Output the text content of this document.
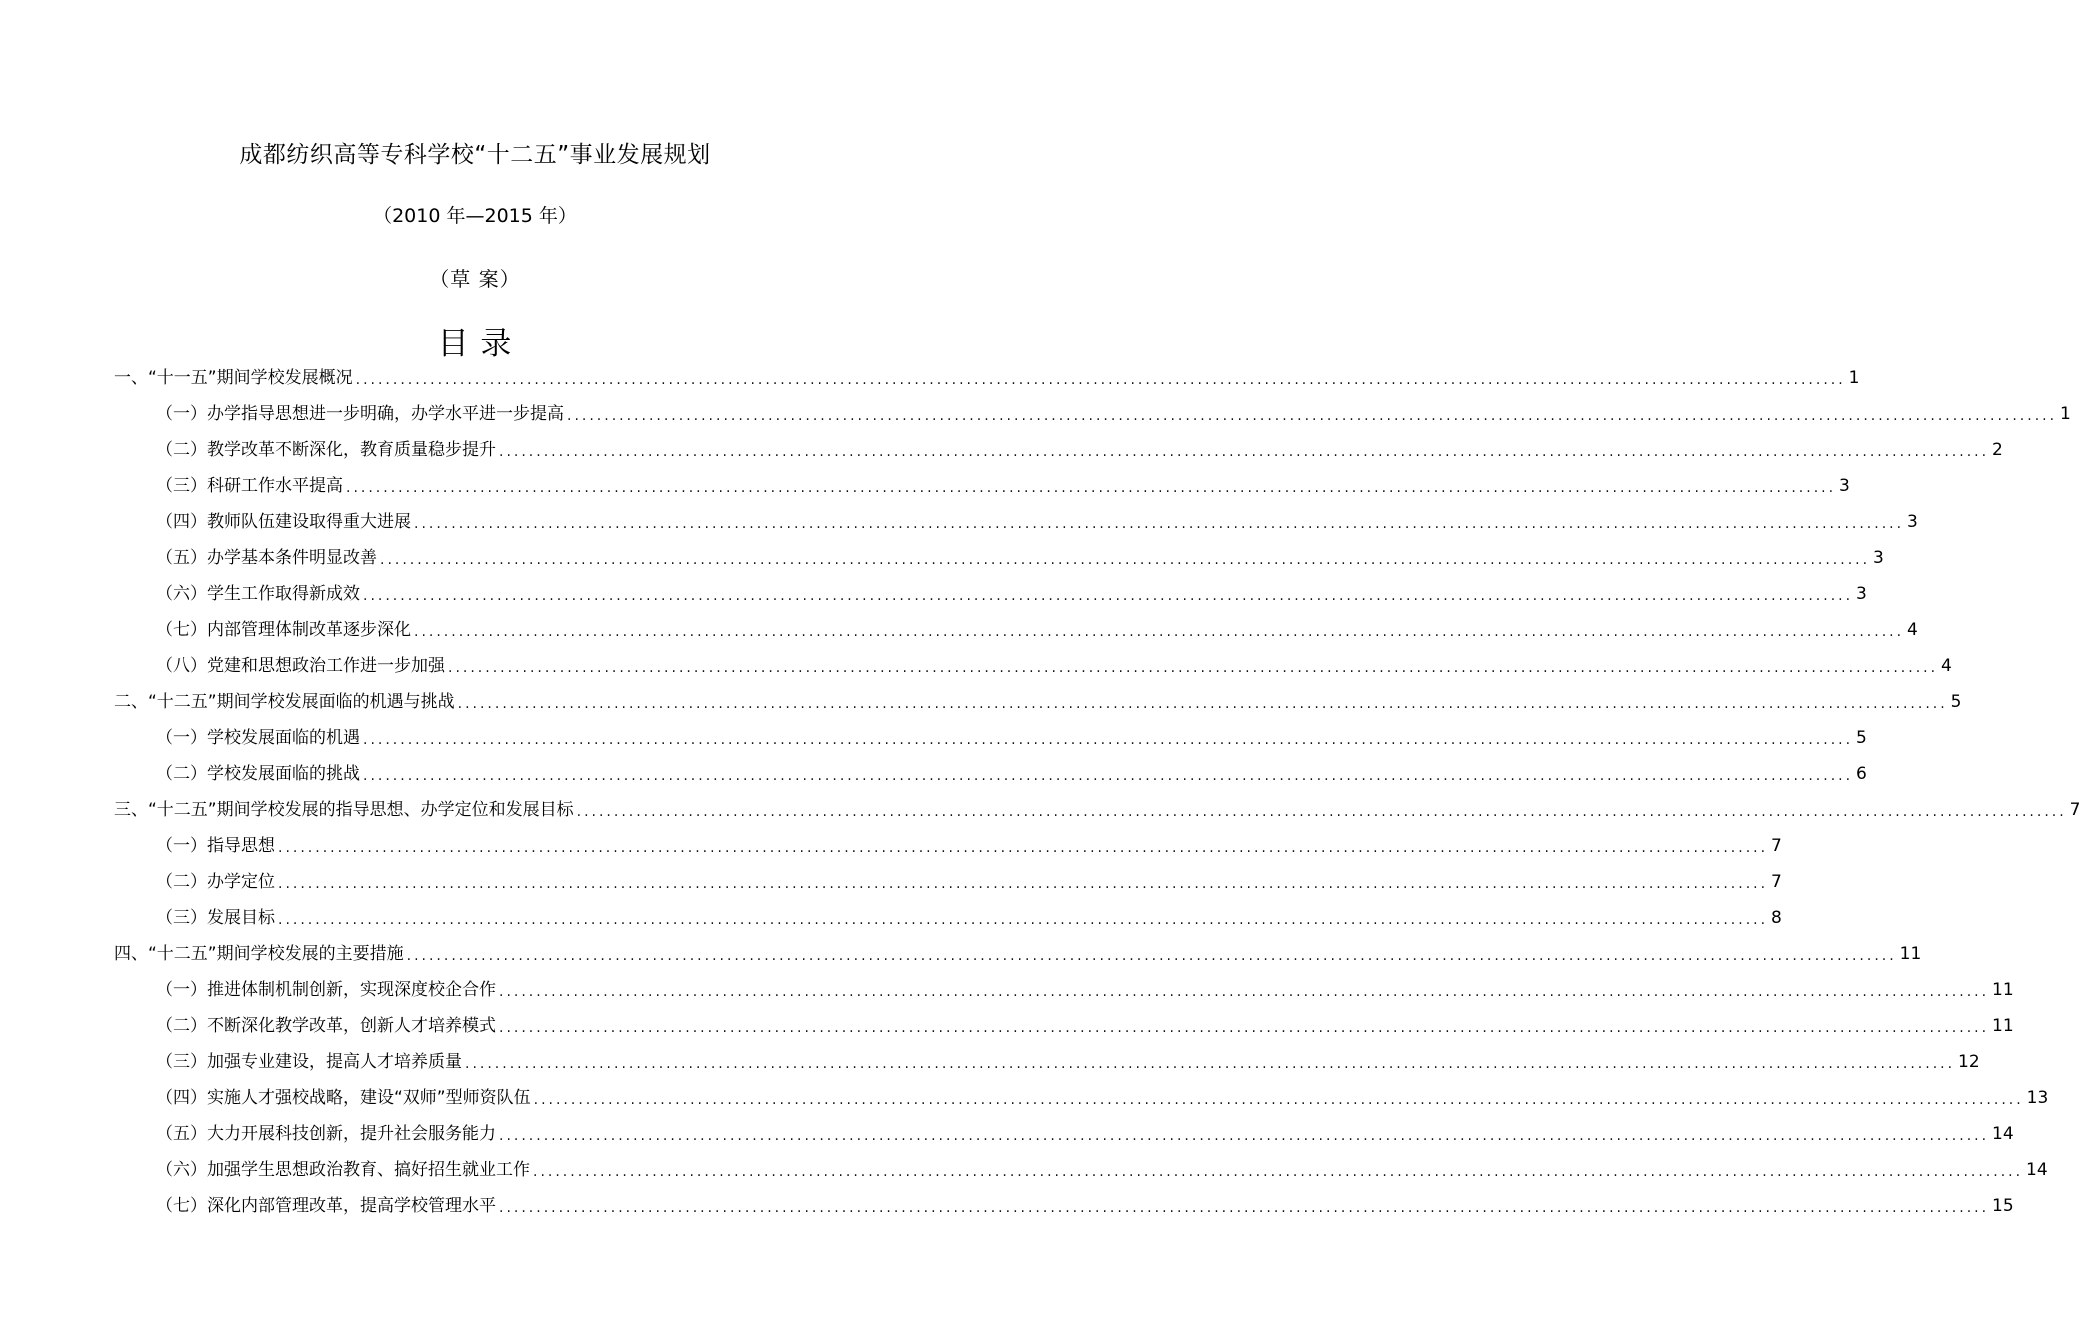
成都纺织高等专科学校“十二五”事业发展规划
（2010 年—2015 年）
（草 案）
目 录
一、“十一五”期间学校发展概况 ........................................................................................................................................................................................................ 1
（一）办学指导思想进一步明确，办学水平进一步提高 ........................................................................................................................................................................................................ 1
（二）教学改革不断深化，教育质量稳步提升 ........................................................................................................................................................................................................ 2
（三）科研工作水平提高 ........................................................................................................................................................................................................ 3
（四）教师队伍建设取得重大进展 ........................................................................................................................................................................................................ 3
（五）办学基本条件明显改善 ........................................................................................................................................................................................................ 3
（六）学生工作取得新成效 ........................................................................................................................................................................................................ 3
（七）内部管理体制改革逐步深化 ........................................................................................................................................................................................................ 4
（八）党建和思想政治工作进一步加强 ........................................................................................................................................................................................................ 4
二、“十二五”期间学校发展面临的机遇与挑战 ........................................................................................................................................................................................................ 5
（一）学校发展面临的机遇 ........................................................................................................................................................................................................ 5
（二）学校发展面临的挑战 ........................................................................................................................................................................................................ 6
三、“十二五”期间学校发展的指导思想、办学定位和发展目标 ........................................................................................................................................................................................................ 7
（一）指导思想 ........................................................................................................................................................................................................ 7
（二）办学定位 ........................................................................................................................................................................................................ 7
（三）发展目标 ........................................................................................................................................................................................................ 8
四、“十二五”期间学校发展的主要措施 ........................................................................................................................................................................................................ 11
（一）推进体制机制创新，实现深度校企合作 ........................................................................................................................................................................................................ 11
（二）不断深化教学改革，创新人才培养模式 ........................................................................................................................................................................................................ 11
（三）加强专业建设，提高人才培养质量 ........................................................................................................................................................................................................ 12
（四）实施人才强校战略，建设“双师”型师资队伍 ........................................................................................................................................................................................................ 13
（五）大力开展科技创新，提升社会服务能力 ........................................................................................................................................................................................................ 14
（六）加强学生思想政治教育、搞好招生就业工作 ........................................................................................................................................................................................................ 14
（七）深化内部管理改革，提高学校管理水平 ........................................................................................................................................................................................................ 15
